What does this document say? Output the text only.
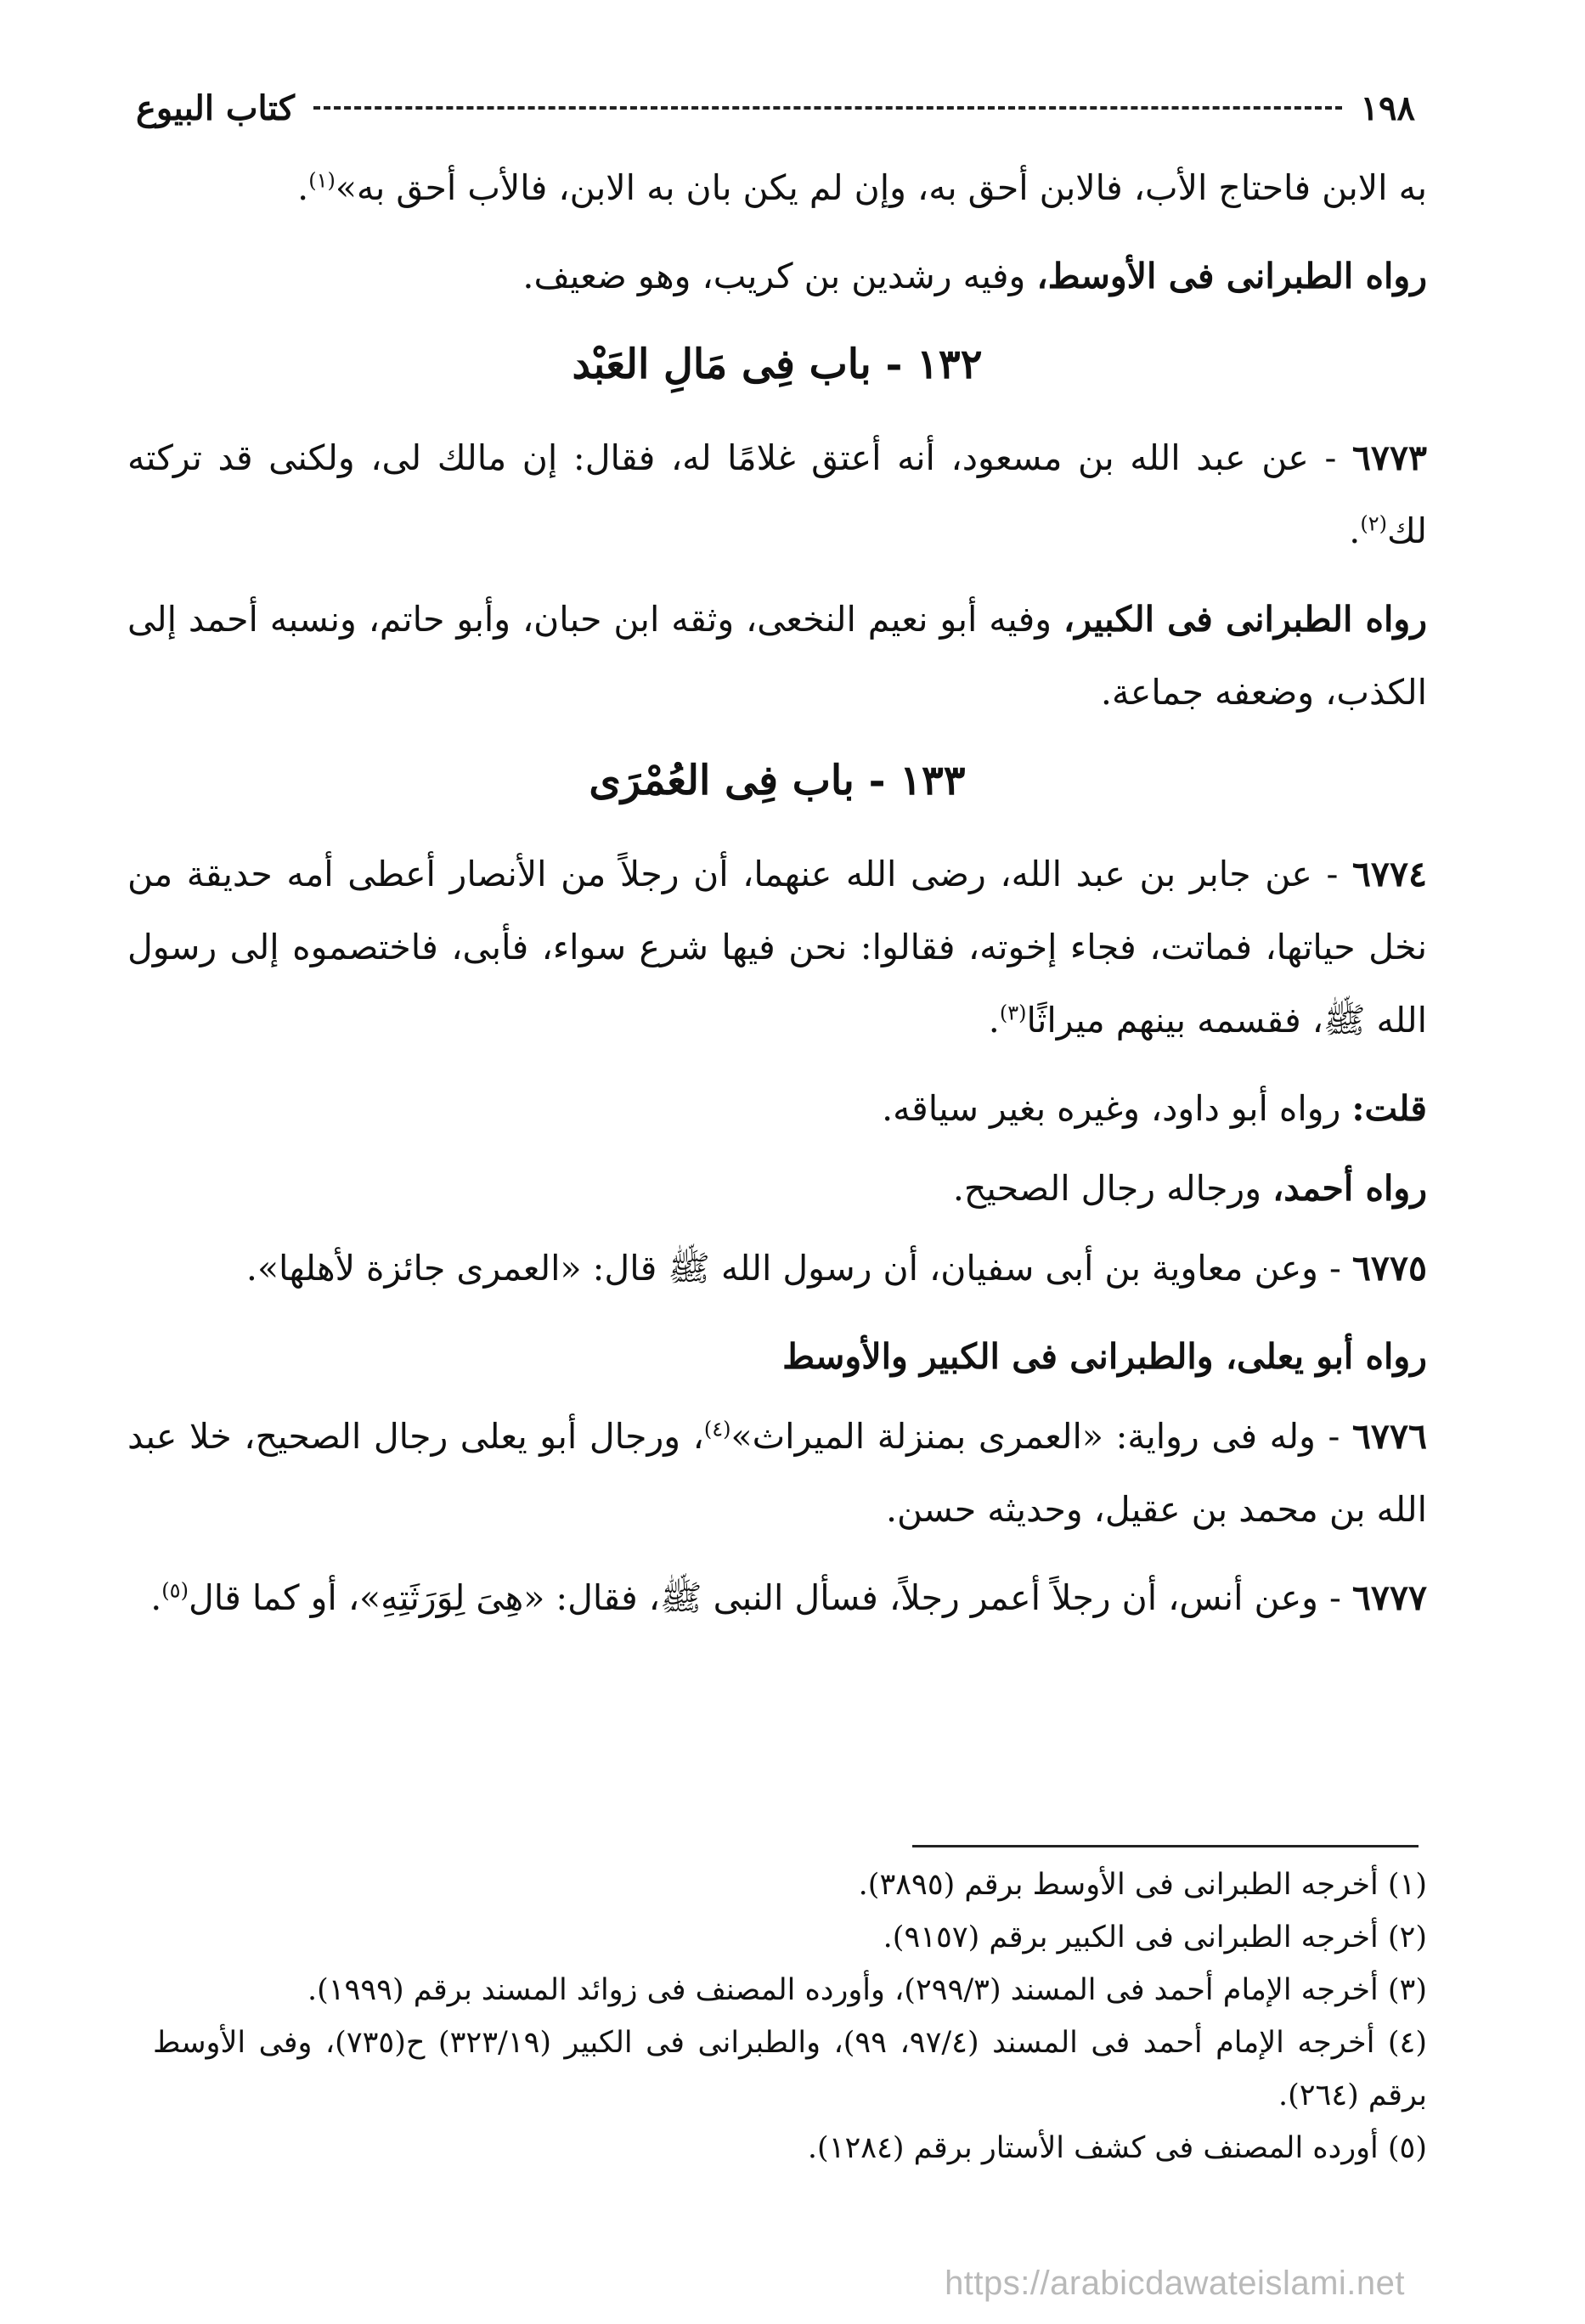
١٩٨
كتاب البيوع

به الابن فاحتاج الأب، فالابن أحق به، وإن لم يكن بان به الابن، فالأب أحق به»$^{(١)}$.

رواه الطبرانى فى الأوسط، وفيه رشدين بن كريب، وهو ضعيف.

١٣٢ - باب فِى مَالِ العَبْد

٦٧٧٣ - عن عبد الله بن مسعود، أنه أعتق غلامًا له، فقال: إن مالك لى، ولكنى قد تركته لك$^{(٢)}$.

رواه الطبرانى فى الكبير، وفيه أبو نعيم النخعى، وثقه ابن حبان، وأبو حاتم، ونسبه أحمد إلى الكذب، وضعفه جماعة.

١٣٣ - باب فِى العُمْرَى

٦٧٧٤ - عن جابر بن عبد الله، رضى الله عنهما، أن رجلاً من الأنصار أعطى أمه حديقة من نخل حياتها، فماتت، فجاء إخوته، فقالوا: نحن فيها شرع سواء، فأبى، فاختصموه إلى رسول الله ﷺ، فقسمه بينهم ميراثًا$^{(٣)}$.

قلت: رواه أبو داود، وغيره بغير سياقه.

رواه أحمد، ورجاله رجال الصحيح.

٦٧٧٥ - وعن معاوية بن أبى سفيان، أن رسول الله ﷺ قال: «العمرى جائزة لأهلها».

رواه أبو يعلى، والطبرانى فى الكبير والأوسط

٦٧٧٦ - وله فى رواية: «العمرى بمنزلة الميراث»$^{(٤)}$، ورجال أبو يعلى رجال الصحيح، خلا عبد الله بن محمد بن عقيل، وحديثه حسن.

٦٧٧٧ - وعن أنس، أن رجلاً أعمر رجلاً، فسأل النبى ﷺ، فقال: «هِىَ لِوَرَثَتِهِ»، أو كما قال$^{(٥)}$.

(١) أخرجه الطبرانى فى الأوسط برقم (٣٨٩٥).

(٢) أخرجه الطبرانى فى الكبير برقم (٩١٥٧).

(٣) أخرجه الإمام أحمد فى المسند (٢٩٩/٣)، وأورده المصنف فى زوائد المسند برقم (١٩٩٩).

(٤) أخرجه الإمام أحمد فى المسند (٩٧/٤، ٩٩)، والطبرانى فى الكبير (٣٢٣/١٩) ح(٧٣٥)، وفى الأوسط برقم (٢٦٤).

(٥) أورده المصنف فى كشف الأستار برقم (١٢٨٤).

https://arabicdawateislami.net
